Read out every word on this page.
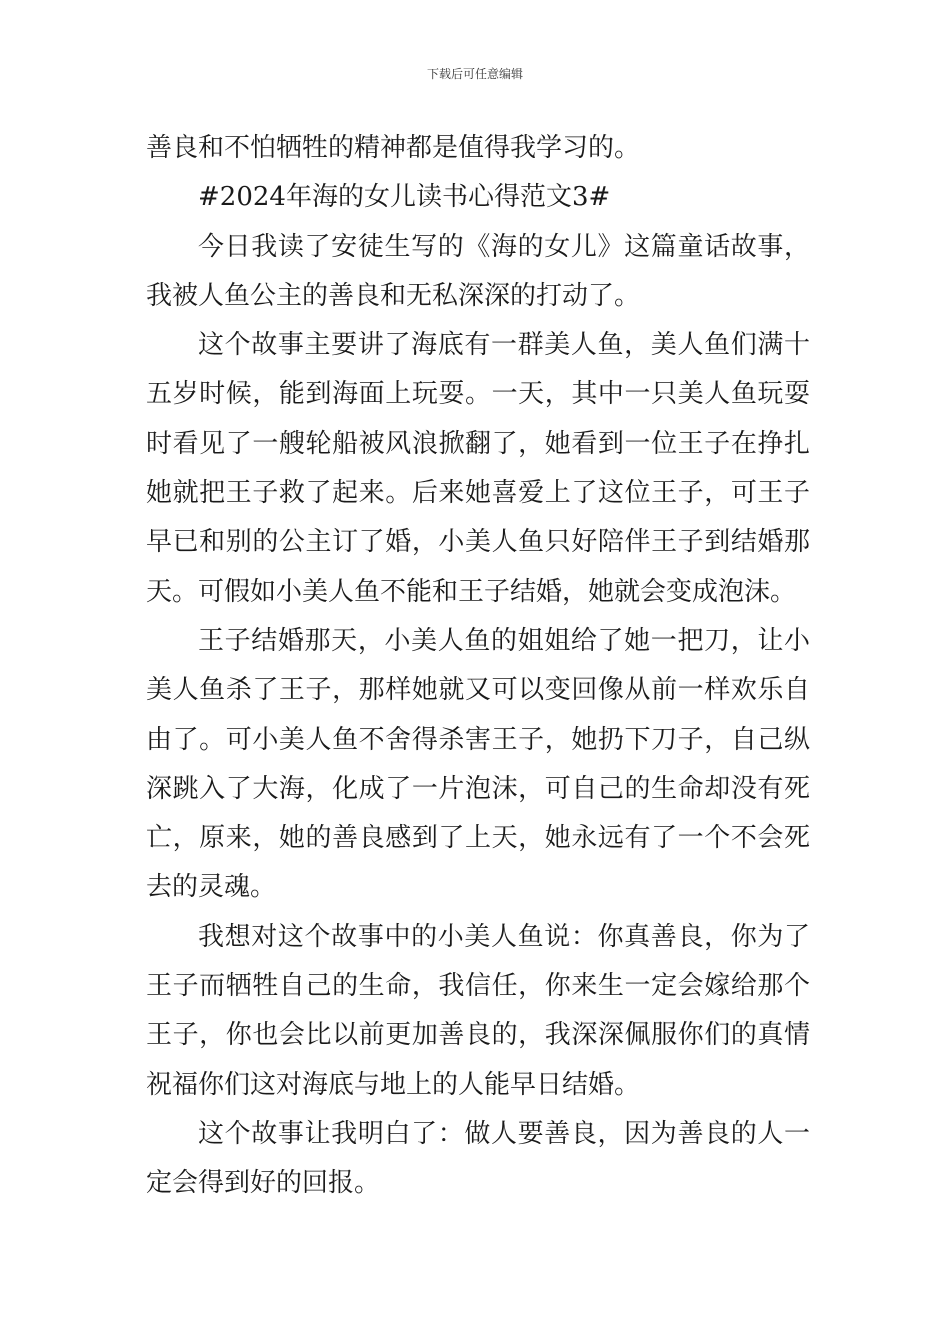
下载后可任意编辑

善良和不怕牺牲的精神都是值得我学习的。

#2024年海的女儿读书心得范文3#

今日我读了安徒生写的《海的女儿》这篇童话故事，我被人鱼公主的善良和无私深深的打动了。

这个故事主要讲了海底有一群美人鱼，美人鱼们满十五岁时候，能到海面上玩耍。一天，其中一只美人鱼玩耍时看见了一艘轮船被风浪掀翻了，她看到一位王子在挣扎她就把王子救了起来。后来她喜爱上了这位王子，可王子早已和别的公主订了婚，小美人鱼只好陪伴王子到结婚那天。可假如小美人鱼不能和王子结婚，她就会变成泡沫。

王子结婚那天，小美人鱼的姐姐给了她一把刀，让小美人鱼杀了王子，那样她就又可以变回像从前一样欢乐自由了。可小美人鱼不舍得杀害王子，她扔下刀子，自己纵深跳入了大海，化成了一片泡沫，可自己的生命却没有死亡，原来，她的善良感到了上天，她永远有了一个不会死去的灵魂。

我想对这个故事中的小美人鱼说：你真善良，你为了王子而牺牲自己的生命，我信任，你来生一定会嫁给那个王子，你也会比以前更加善良的，我深深佩服你们的真情祝福你们这对海底与地上的人能早日结婚。

这个故事让我明白了：做人要善良，因为善良的人一定会得到好的回报。
